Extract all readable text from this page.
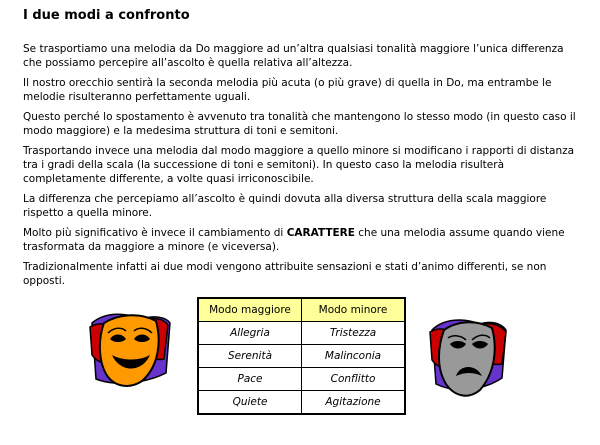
I due modi a confronto

Se trasportiamo una melodia da Do maggiore ad un’altra qualsiasi tonalità maggiore l’unica differenza che possiamo percepire all’ascolto è quella relativa all’altezza.

Il nostro orecchio sentirà la seconda melodia più acuta (o più grave) di quella in Do, ma entrambe le melodie risulteranno perfettamente uguali.

Questo perché lo spostamento è avvenuto tra tonalità che mantengono lo stesso modo (in questo caso il modo maggiore) e la medesima struttura di toni e semitoni.

Trasportando invece una melodia dal modo maggiore a quello minore si modificano i rapporti di distanza tra i gradi della scala (la successione di toni e semitoni). In questo caso la melodia risulterà completamente differente, a volte quasi irriconoscibile.

La differenza che percepiamo all’ascolto è quindi dovuta alla diversa struttura della scala maggiore rispetto a quella minore.

Molto più significativo è invece il cambiamento di CARATTERE che una melodia assume quando viene trasformata da maggiore a minore (e viceversa).

Tradizionalmente infatti ai due modi vengono attribuite sensazioni e stati d’animo differenti, se non opposti.

Modo maggiore	Modo minore
Allegria	Tristezza
Serenità	Malinconia
Pace	Conflitto
Quiete	Agitazione
